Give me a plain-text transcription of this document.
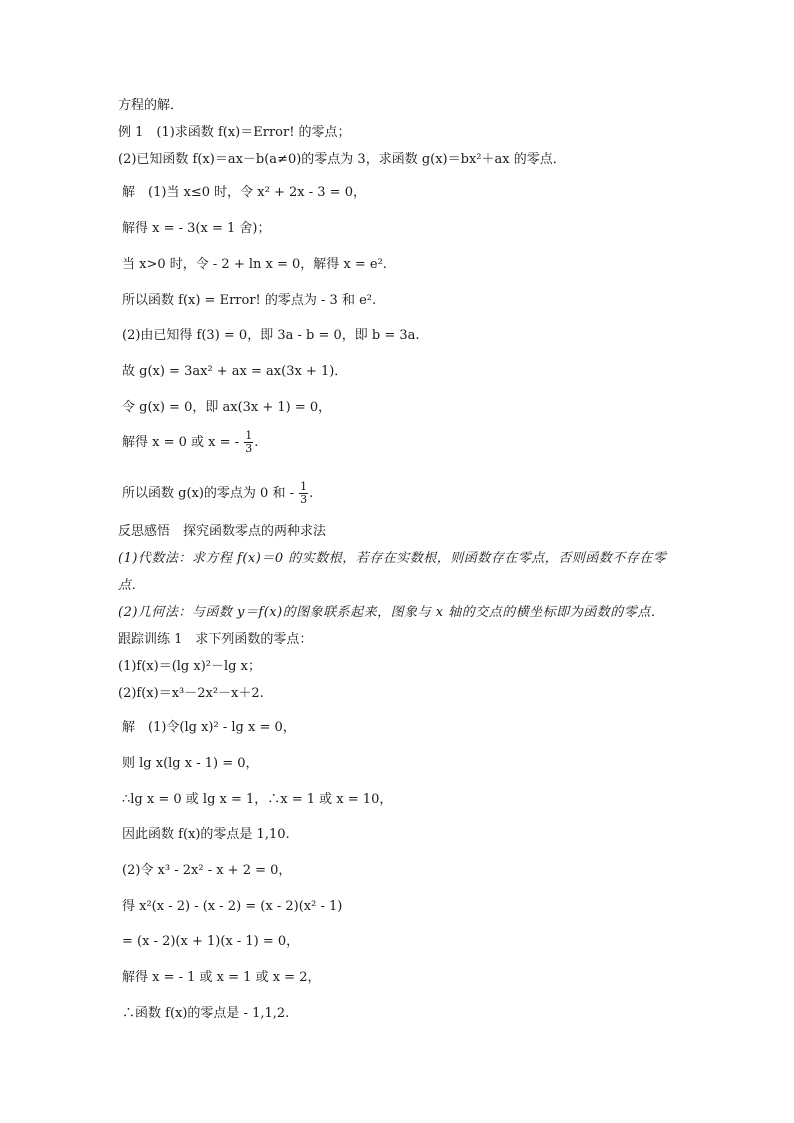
方程的解．
例 1　(1)求函数 f(x)＝Error! 的零点；
(2)已知函数 f(x)＝ax－b(a≠0)的零点为 3，求函数 g(x)＝bx²＋ax 的零点．
解　(1)当 x≤0 时，令 x² + 2x - 3 = 0，
解得 x = - 3(x = 1 舍)；
当 x>0 时，令 - 2 + ln x = 0，解得 x = e².
所以函数 f(x) = Error! 的零点为 - 3 和 e².
(2)由已知得 f(3) = 0，即 3a - b = 0，即 b = 3a.
故 g(x) = 3ax² + ax = ax(3x + 1)．
令 g(x) = 0，即 ax(3x + 1) = 0，
解得 x = 0 或 x = - $\frac{1}{3}$ .
所以函数 g(x)的零点为 0 和 - $\frac{1}{3}$ .
反思感悟　探究函数零点的两种求法
(1)代数法：求方程 f(x)＝0 的实数根，若存在实数根，则函数存在零点，否则函数不存在零
点．
(2)几何法：与函数 y＝f(x)的图象联系起来，图象与 x 轴的交点的横坐标即为函数的零点．
跟踪训练 1　求下列函数的零点：
(1)f(x)＝(lg x)²－lg x；
(2)f(x)＝x³－2x²－x＋2.
解　(1)令(lg x)² - lg x = 0，
则 lg x(lg x - 1) = 0，
∴lg x = 0 或 lg x = 1，∴x = 1 或 x = 10，
因此函数 f(x)的零点是 1,10.
(2)令 x³ - 2x² - x + 2 = 0，
得 x²(x - 2) - (x - 2) = (x - 2)(x² - 1)
= (x - 2)(x + 1)(x - 1) = 0，
解得 x = - 1 或 x = 1 或 x = 2，
∴函数 f(x)的零点是 - 1,1,2.
